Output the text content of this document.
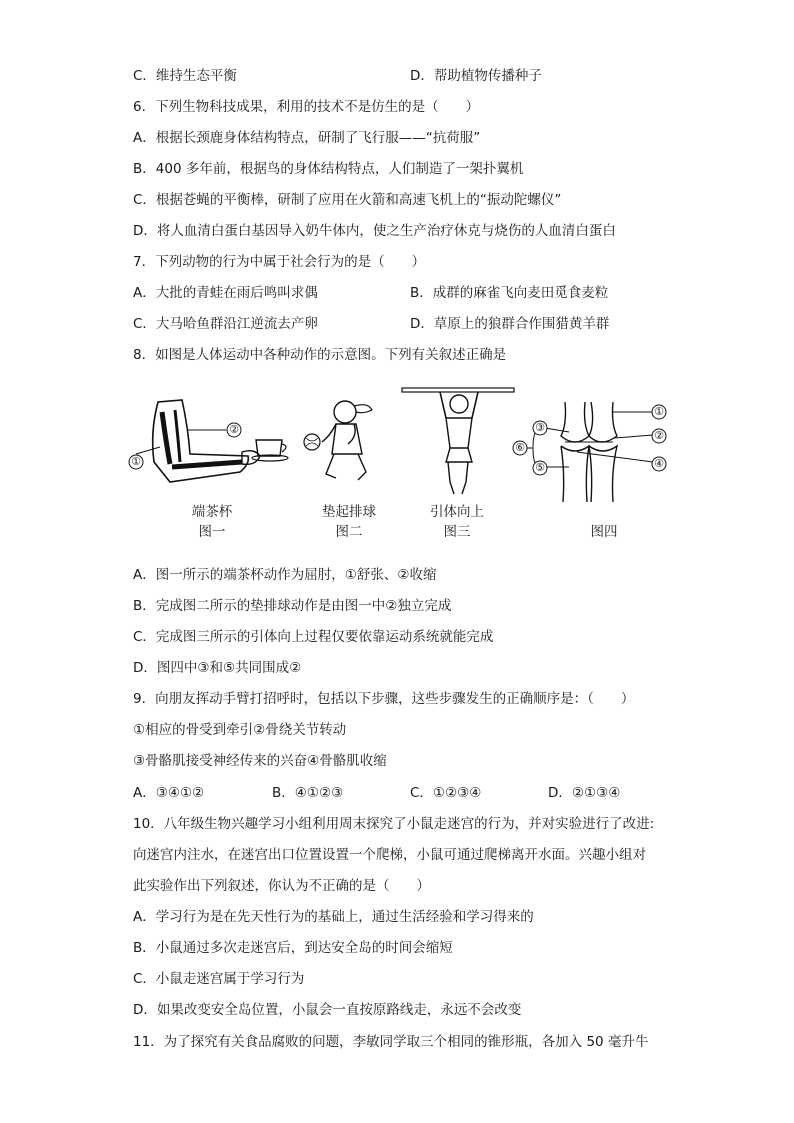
C．维持生态平衡	D．帮助植物传播种子
6．下列生物科技成果，利用的技术不是仿生的是（　　）
A．根据长颈鹿身体结构特点，研制了飞行服——“抗荷服”
B．400 多年前，根据鸟的身体结构特点，人们制造了一架扑翼机
C．根据苍蝇的平衡棒，研制了应用在火箭和高速飞机上的“振动陀螺仪”
D．将人血清白蛋白基因导入奶牛体内，使之生产治疗休克与烧伤的人血清白蛋白
7．下列动物的行为中属于社会行为的是（　　）
A．大批的青蛙在雨后鸣叫求偶	B．成群的麻雀飞向麦田觅食麦粒
C．大马哈鱼群沿江逆流去产卵	D．草原上的狼群合作围猎黄羊群
8．如图是人体运动中各种动作的示意图。下列有关叙述正确是
②
①
①
②
③
④
⑤
⑥
端茶杯
图一
垫起排球
图二
引体向上
图三	图四
A．图一所示的端茶杯动作为屈肘，①舒张、②收缩
B．完成图二所示的垫排球动作是由图一中②独立完成
C．完成图三所示的引体向上过程仅要依靠运动系统就能完成
D．图四中③和⑤共同围成②
9．向朋友挥动手臂打招呼时，包括以下步骤，这些步骤发生的正确顺序是：（　　）
①相应的骨受到牵引②骨绕关节转动
③骨骼肌接受神经传来的兴奋④骨骼肌收缩
A．③④①②	B．④①②③	C．①②③④	D．②①③④
10．八年级生物兴趣学习小组利用周末探究了小鼠走迷宫的行为，并对实验进行了改进:
向迷宫内注水，在迷宫出口位置设置一个爬梯，小鼠可通过爬梯离开水面。兴趣小组对
此实验作出下列叙述，你认为不正确的是（　　）
A．学习行为是在先天性行为的基础上，通过生活经验和学习得来的
B．小鼠通过多次走迷宫后，到达安全岛的时间会缩短
C．小鼠走迷宫属于学习行为
D．如果改变安全岛位置，小鼠会一直按原路线走，永远不会改变
11．为了探究有关食品腐败的问题，李敏同学取三个相同的锥形瓶，各加入 50 毫升牛
